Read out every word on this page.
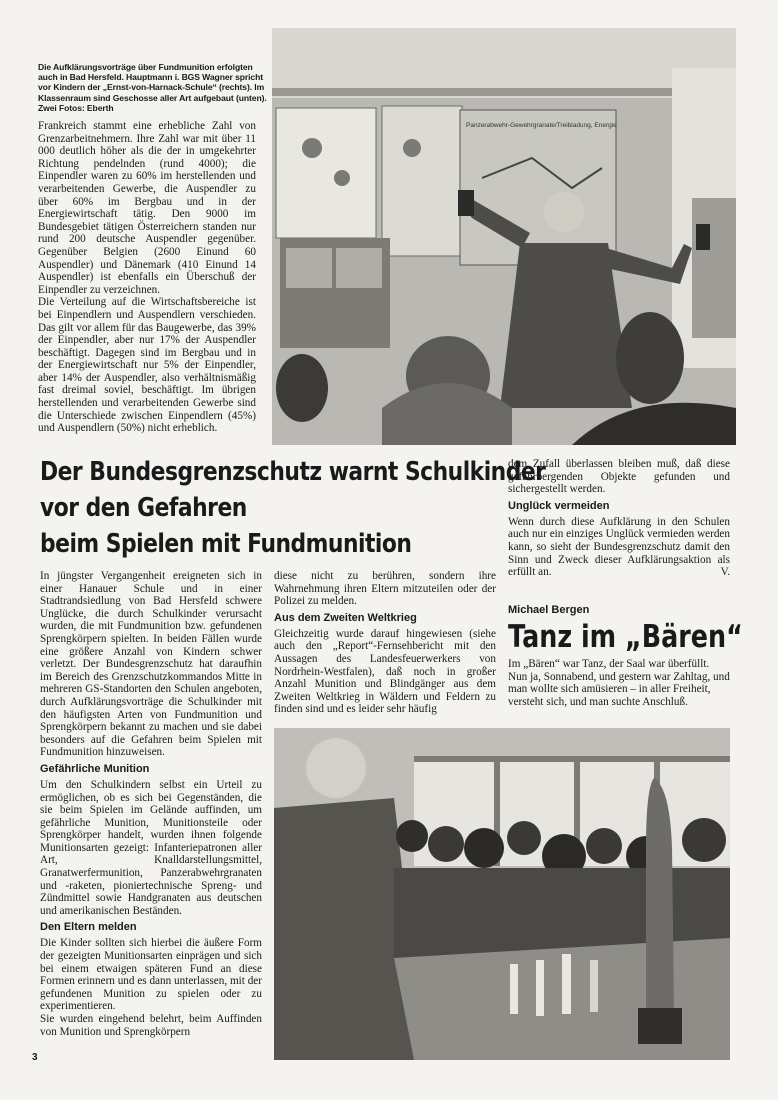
Die Aufklärungsvorträge über Fundmunition erfolgten auch in Bad Hersfeld. Hauptmann i. BGS Wagner spricht vor Kindern der „Ernst-von-Harnack-Schule“ (rechts). Im Klassenraum sind Geschosse aller Art aufgebaut (unten). Zwei Fotos: Eberth

Frankreich stammt eine erhebliche Zahl von Grenzarbeitnehmern. Ihre Zahl war mit über 11 000 deutlich höher als die der in umgekehrter Richtung pendelnden (rund 4000); die Einpendler waren zu 60% im herstellenden und verarbeitenden Gewerbe, die Auspendler zu über 60% im Bergbau und in der Energiewirtschaft tätig. Den 9000 im Bundesgebiet tätigen Österreichern standen nur rund 200 deutsche Auspendler gegenüber. Gegenüber Belgien (2600 Einund 60 Auspendler) und Dänemark (410 Einund 14 Auspendler) ist ebenfalls ein Überschuß der Einpendler zu verzeichnen.

Die Verteilung auf die Wirtschaftsbereiche ist bei Einpendlern und Auspendlern verschieden. Das gilt vor allem für das Baugewerbe, das 39% der Einpendler, aber nur 17% der Auspendler beschäftigt. Dagegen sind im Bergbau und in der Energiewirtschaft nur 5% der Einpendler, aber 14% der Auspendler, also verhältnismäßig fast dreimal soviel, beschäftigt. Im übrigen herstellenden und verarbeitenden Gewerbe sind die Unterschiede zwischen Einpendlern (45%) und Auspendlern (50%) nicht erheblich.

Panzerabwehr-Gewehrgranate/Treibladung, Energie
Der Bundesgrenzschutz warnt Schulkinder
vor den Gefahren
beim Spielen mit Fundmunition

In jüngster Vergangenheit ereigneten sich in einer Hanauer Schule und in einer Stadtrandsiedlung von Bad Hersfeld schwere Unglücke, die durch Schulkinder verursacht wurden, die mit Fundmunition bzw. gefundenen Sprengkörpern spielten. In beiden Fällen wurde eine größere Anzahl von Kindern schwer verletzt. Der Bundesgrenzschutz hat daraufhin im Bereich des Grenzschutzkommandos Mitte in mehreren GS-Standorten den Schulen angeboten, durch Aufklärungsvorträge die Schulkinder mit den häufigsten Arten von Fundmunition und Sprengkörpern bekannt zu machen und sie dabei besonders auf die Gefahren beim Spielen mit Fundmunition hinzuweisen.

Gefährliche Munition

Um den Schulkindern selbst ein Urteil zu ermöglichen, ob es sich bei Gegenständen, die sie beim Spielen im Gelände auffinden, um gefährliche Munition, Munitionsteile oder Sprengkörper handelt, wurden ihnen folgende Munitionsarten gezeigt: Infanteriepatronen aller Art, Knalldarstellungsmittel, Granatwerfermunition, Panzerabwehrgranaten und -raketen, pioniertechnische Spreng- und Zündmittel sowie Handgranaten aus deutschen und amerikanischen Beständen.

Den Eltern melden

Die Kinder sollten sich hierbei die äußere Form der gezeigten Munitionsarten einprägen und sich bei einem etwaigen späteren Fund an diese Formen erinnern und es dann unterlassen, mit der gefundenen Munition zu spielen oder zu experimentieren.

Sie wurden eingehend belehrt, beim Auffinden von Munition und Sprengkörpern

diese nicht zu berühren, sondern ihre Wahrnehmung ihren Eltern mitzuteilen oder der Polizei zu melden.

Aus dem Zweiten Weltkrieg

Gleichzeitig wurde darauf hingewiesen (siehe auch den „Report“-Fernsehbericht mit den Aussagen des Landesfeuerwerkers von Nordrhein-Westfalen), daß noch in großer Anzahl Munition und Blindgänger aus dem Zweiten Weltkrieg in Wäldern und Feldern zu finden sind und es leider sehr häufig

dem Zufall überlassen bleiben muß, daß diese gefahrbergenden Objekte gefunden und sichergestellt werden.

Unglück vermeiden

Wenn durch diese Aufklärung in den Schulen auch nur ein einziges Unglück vermieden werden kann, so sieht der Bundesgrenzschutz damit den Sinn und Zweck dieser Aufklärungsaktion als erfüllt an.	V.

Michael Bergen
Tanz im „Bären“
Im „Bären“ war Tanz, der Saal war überfüllt. Nun ja, Sonnabend, und gestern war Zahltag, und man wollte sich amüsieren – in aller Freiheit, versteht sich, und man suchte Anschluß.
3
